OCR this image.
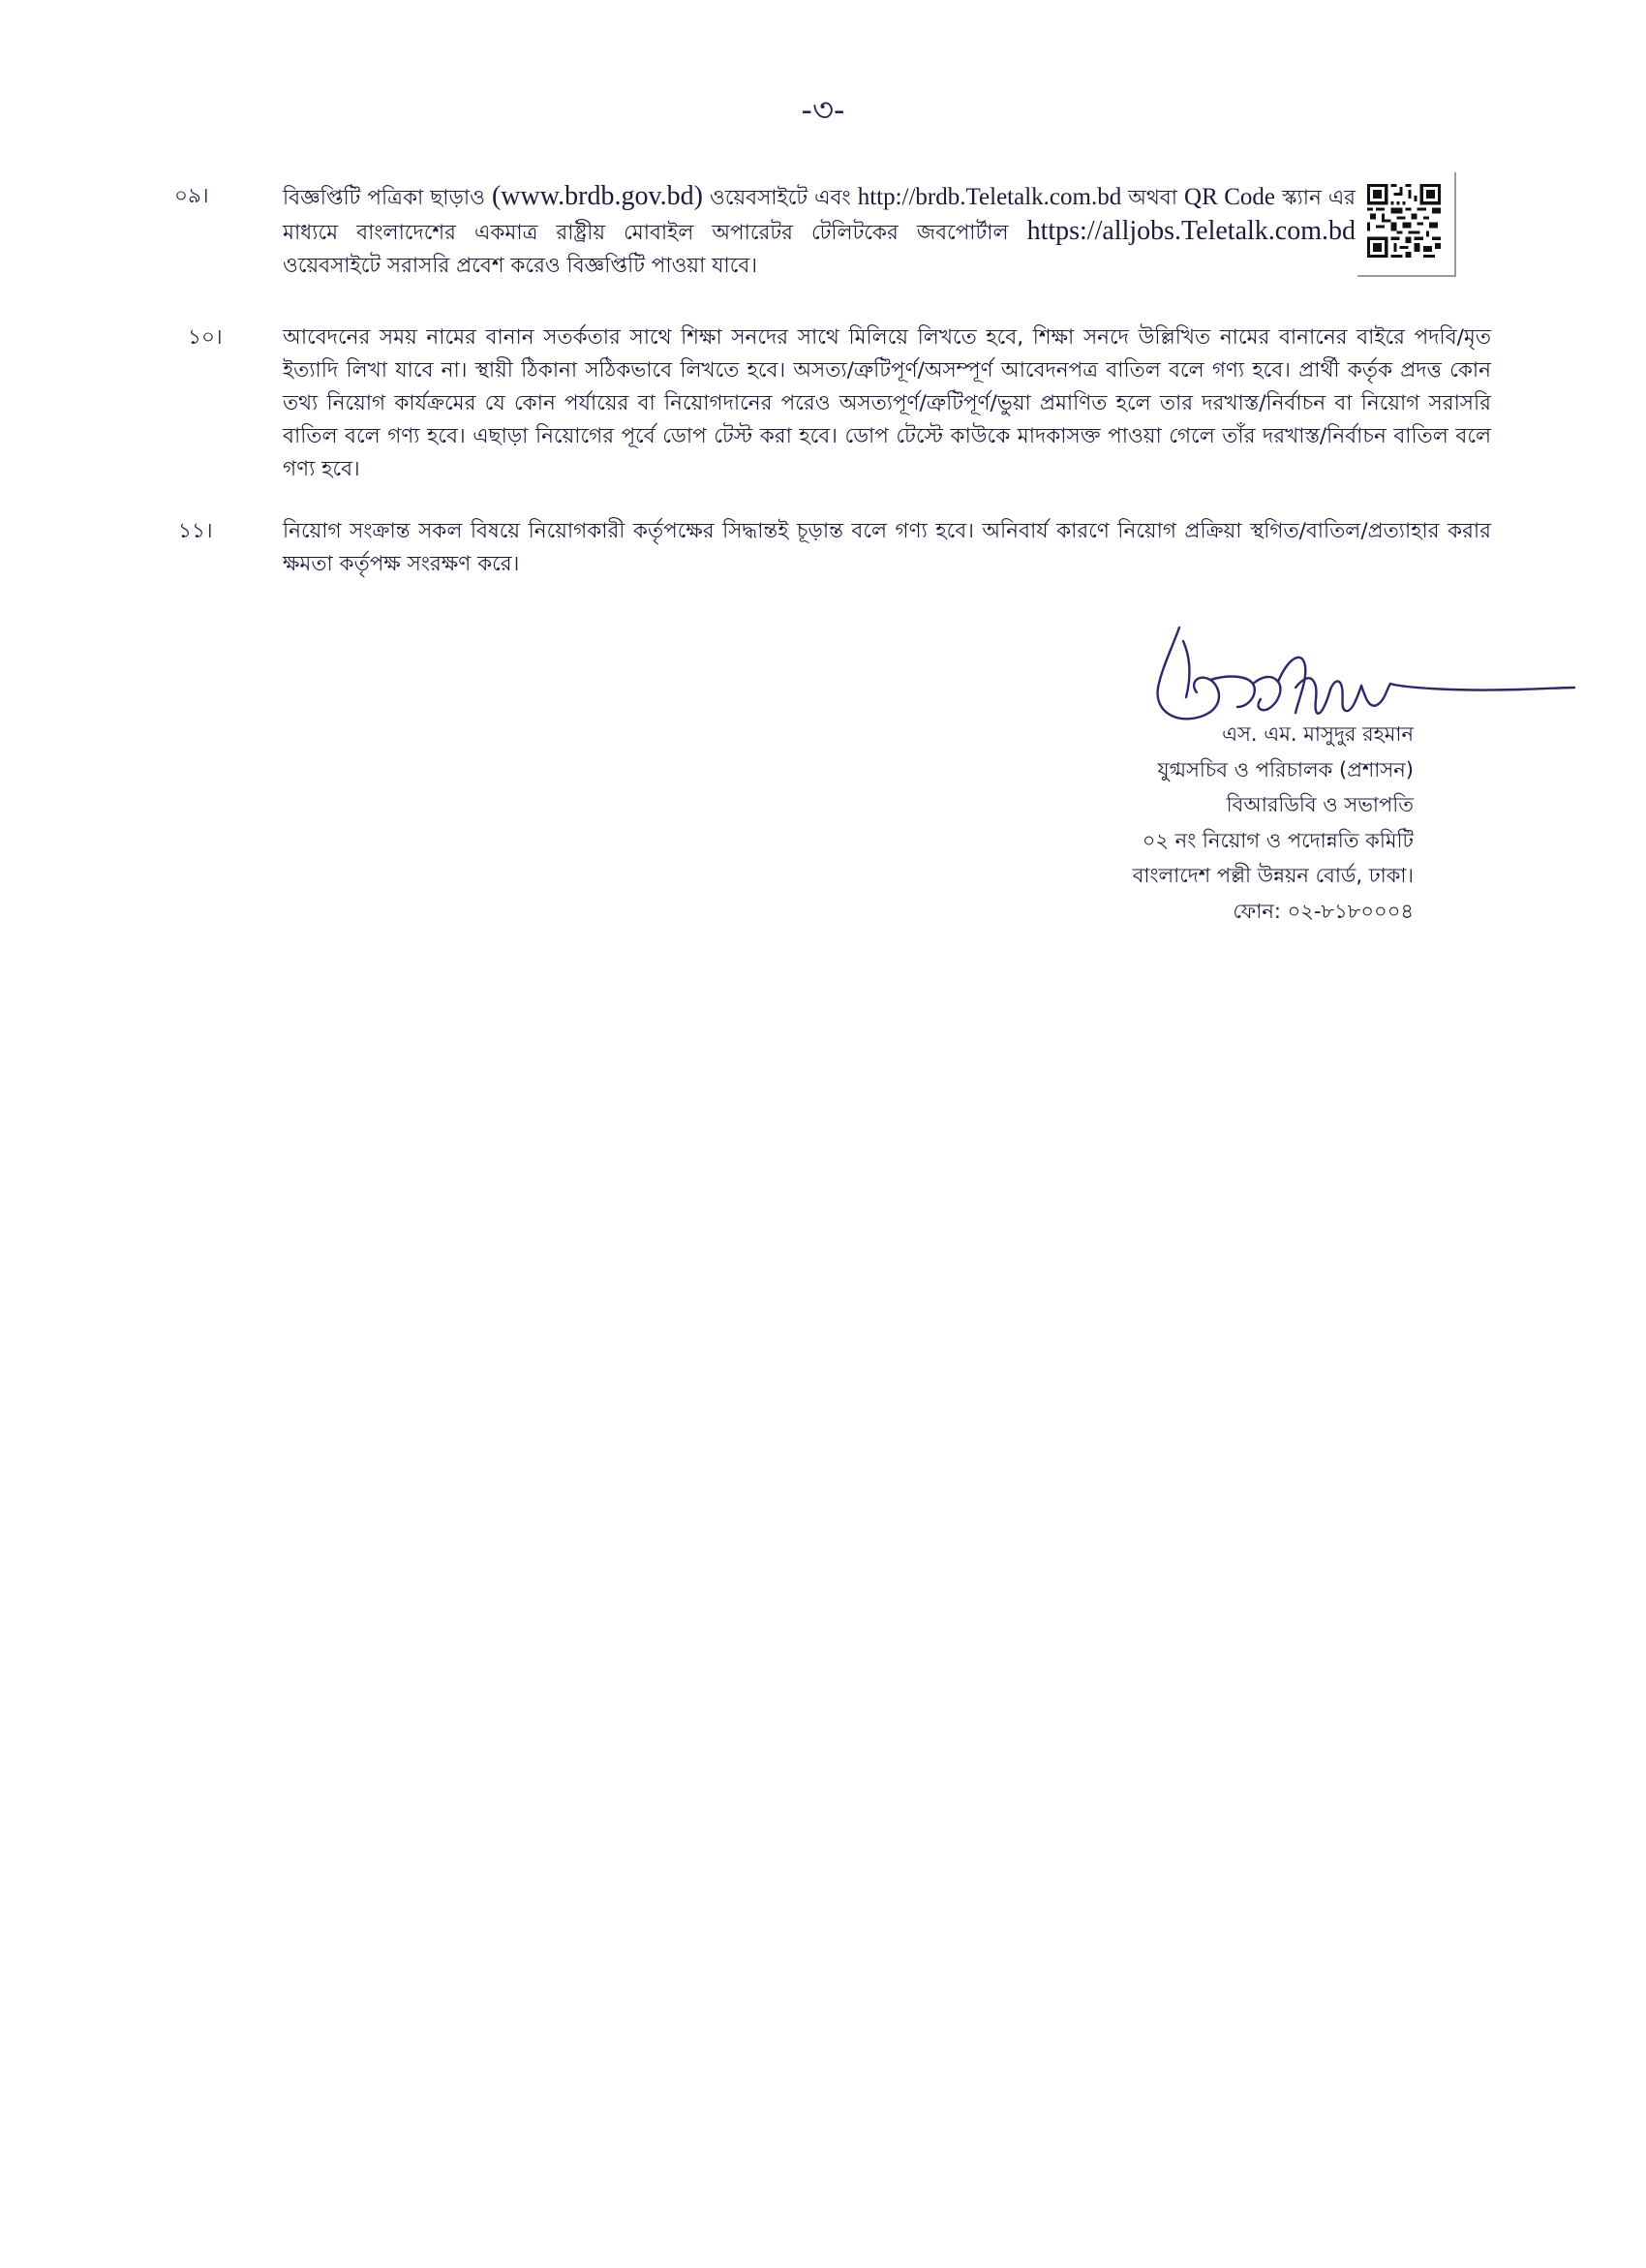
-৩-
০৯।	বিজ্ঞপ্তিটি পত্রিকা ছাড়াও (www.brdb.gov.bd) ওয়েবসাইটে এবং http://brdb.Teletalk.com.bd অথবা QR Code স্ক্যান এর মাধ্যমে বাংলাদেশের একমাত্র রাষ্ট্রীয় মোবাইল অপারেটর টেলিটকের জবপোর্টাল https://alljobs.Teletalk.com.bd ওয়েবসাইটে সরাসরি প্রবেশ করেও বিজ্ঞপ্তিটি পাওয়া যাবে।
১০।	আবেদনের সময় নামের বানান সতর্কতার সাথে শিক্ষা সনদের সাথে মিলিয়ে লিখতে হবে, শিক্ষা সনদে উল্লিখিত নামের বানানের বাইরে পদবি/মৃত ইত্যাদি লিখা যাবে না। স্থায়ী ঠিকানা সঠিকভাবে লিখতে হবে। অসত্য/ত্রুটিপূর্ণ/অসম্পূর্ণ আবেদনপত্র বাতিল বলে গণ্য হবে। প্রার্থী কর্তৃক প্রদত্ত কোন তথ্য নিয়োগ কার্যক্রমের যে কোন পর্যায়ের বা নিয়োগদানের পরেও অসত্যপূর্ণ/ত্রুটিপূর্ণ/ভুয়া প্রমাণিত হলে তার দরখাস্ত/নির্বাচন বা নিয়োগ সরাসরি বাতিল বলে গণ্য হবে। এছাড়া নিয়োগের পূর্বে ডোপ টেস্ট করা হবে। ডোপ টেস্টে কাউকে মাদকাসক্ত পাওয়া গেলে তাঁর দরখাস্ত/নির্বাচন বাতিল বলে গণ্য হবে।
১১।	নিয়োগ সংক্রান্ত সকল বিষয়ে নিয়োগকারী কর্তৃপক্ষের সিদ্ধান্তই চূড়ান্ত বলে গণ্য হবে। অনিবার্য কারণে নিয়োগ প্রক্রিয়া স্থগিত/বাতিল/প্রত্যাহার করার ক্ষমতা কর্তৃপক্ষ সংরক্ষণ করে।
এস. এম. মাসুদুর রহমান
যুগ্মসচিব ও পরিচালক (প্রশাসন)
বিআরডিবি ও সভাপতি
০২ নং নিয়োগ ও পদোন্নতি কমিটি
বাংলাদেশ পল্লী উন্নয়ন বোর্ড, ঢাকা।
ফোন: ০২-৮১৮০০০৪
